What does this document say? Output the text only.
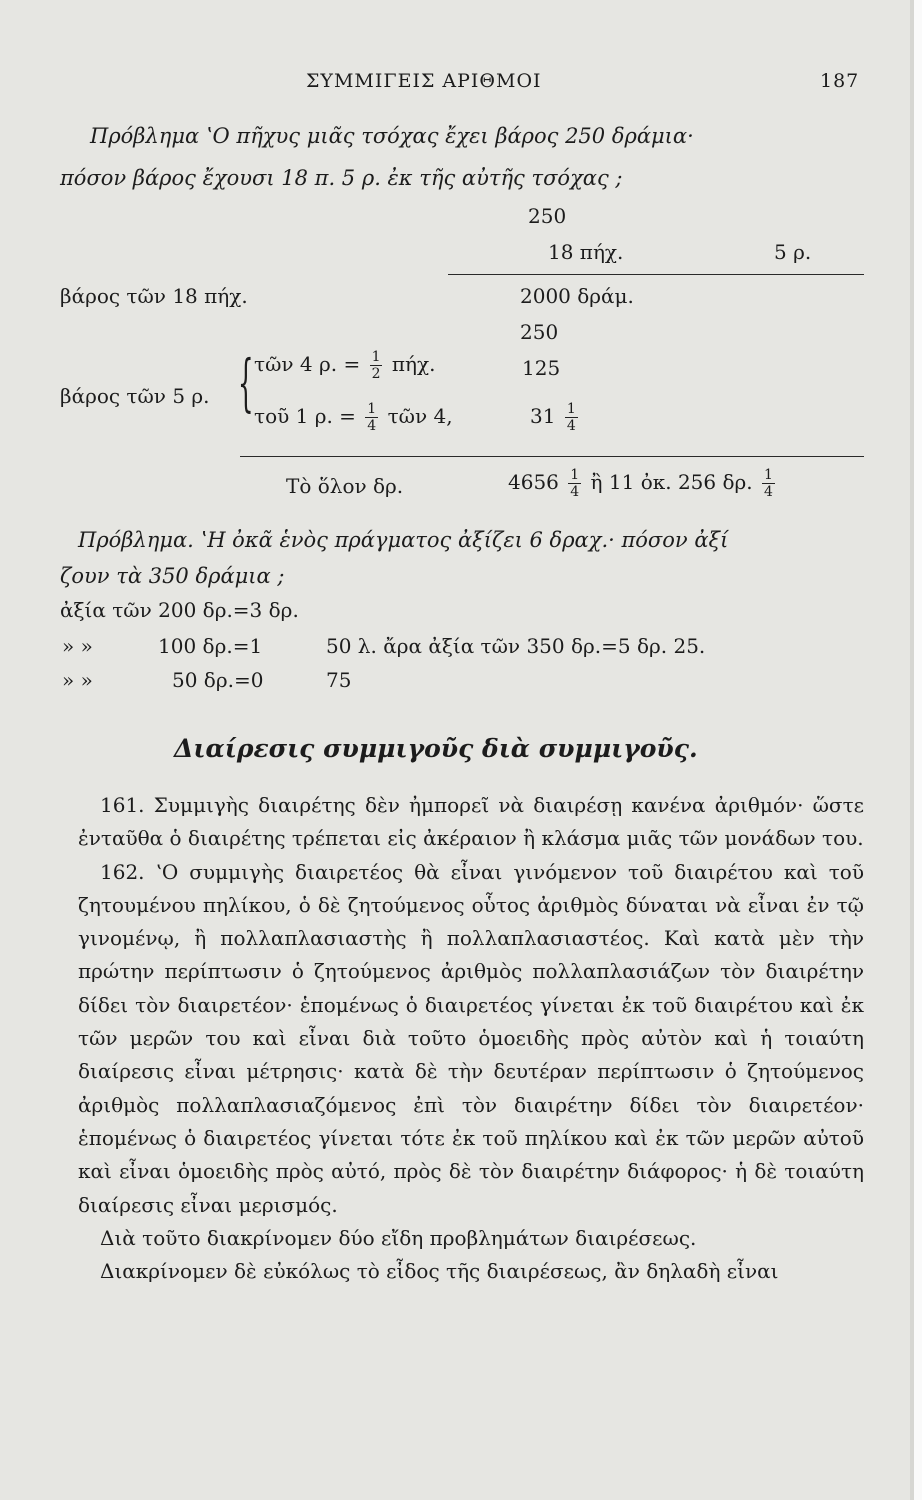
ΣΥΜΜΙΓΕΙΣ ΑΡΙΘΜΟΙ	187
Πρόβλημα ʽΟ πῆχυς μιᾶς τσόχας ἔχει βάρος 250 δράμια·
πόσον βάρος ἔχουσι 18 π. 5 ρ. ἐκ τῆς αὐτῆς τσόχας ;
250
18 πήχ.	5 ρ.
βάρος τῶν 18 πήχ.	2000 δράμ.
250
βάρος τῶν 5 ρ. { τῶν 4 ρ. = $\frac{1}{2} \pi ή\chi$.	125
τοῦ 1 ρ. = $\frac{1}{4}$ τῶν 4,	$31 \frac{1}{4}$
Τὸ ὅλον δρ.	$4656 \frac{1}{4}$ ἢ 11 ὀκ. 256 δρ. $\frac{1}{4}$
Πρόβλημα. ʽΗ ὀκᾶ ἑνὸς πράγματος ἀξίζει 6 δραχ.· πόσον ἀξί
ζουν τὰ 350 δράμια ;
ἀξία τῶν 200 δρ.=3 δρ.
» »	100 δρ.=1	50 λ. ἄρα ἀξία τῶν 350 δρ.=5 δρ. 25.
» »	50 δρ.=0	75
Διαίρεσις συμμιγοῦς διὰ συμμιγοῦς.

161. Συμμιγὴς διαιρέτης δὲν ἠμπορεῖ νὰ διαιρέσῃ κανένα ἀριθμόν· ὥστε ἐνταῦθα ὁ διαιρέτης τρέπεται εἰς ἀκέραιον ἢ κλάσμα μιᾶς τῶν μονάδων του.

162. ʽΟ συμμιγὴς διαιρετέος θὰ εἶναι γινόμενον τοῦ διαιρέτου καὶ τοῦ ζητουμένου πηλίκου, ὁ δὲ ζητούμενος οὗτος ἀριθμὸς δύναται νὰ εἶναι ἐν τῷ γινομένῳ, ἢ πολλαπλασιαστὴς ἢ πολλαπλασιαστέος. Καὶ κατὰ μὲν τὴν πρώτην περίπτωσιν ὁ ζητούμενος ἀριθμὸς πολλαπλασιάζων τὸν διαιρέτην δίδει τὸν διαιρετέον· ἑπομένως ὁ διαιρετέος γίνεται ἐκ τοῦ διαιρέτου καὶ ἐκ τῶν μερῶν του καὶ εἶναι διὰ τοῦτο ὁμοειδὴς πρὸς αὐτὸν καὶ ἡ τοιαύτη διαίρεσις εἶναι μέτρησις· κατὰ δὲ τὴν δευτέραν περίπτωσιν ὁ ζητούμενος ἀριθμὸς πολλαπλασιαζόμενος ἐπὶ τὸν διαιρέτην δίδει τὸν διαιρετέον· ἑπομένως ὁ διαιρετέος γίνεται τότε ἐκ τοῦ πηλίκου καὶ ἐκ τῶν μερῶν αὐτοῦ καὶ εἶναι ὁμοειδὴς πρὸς αὐτό, πρὸς δὲ τὸν διαιρέτην διάφορος· ἡ δὲ τοιαύτη διαίρεσις εἶναι μερισμός.

Διὰ τοῦτο διακρίνομεν δύο εἴδη προβλημάτων διαιρέσεως.

Διακρίνομεν δὲ εὐκόλως τὸ εἶδος τῆς διαιρέσεως, ἂν δηλαδὴ εἶναι
